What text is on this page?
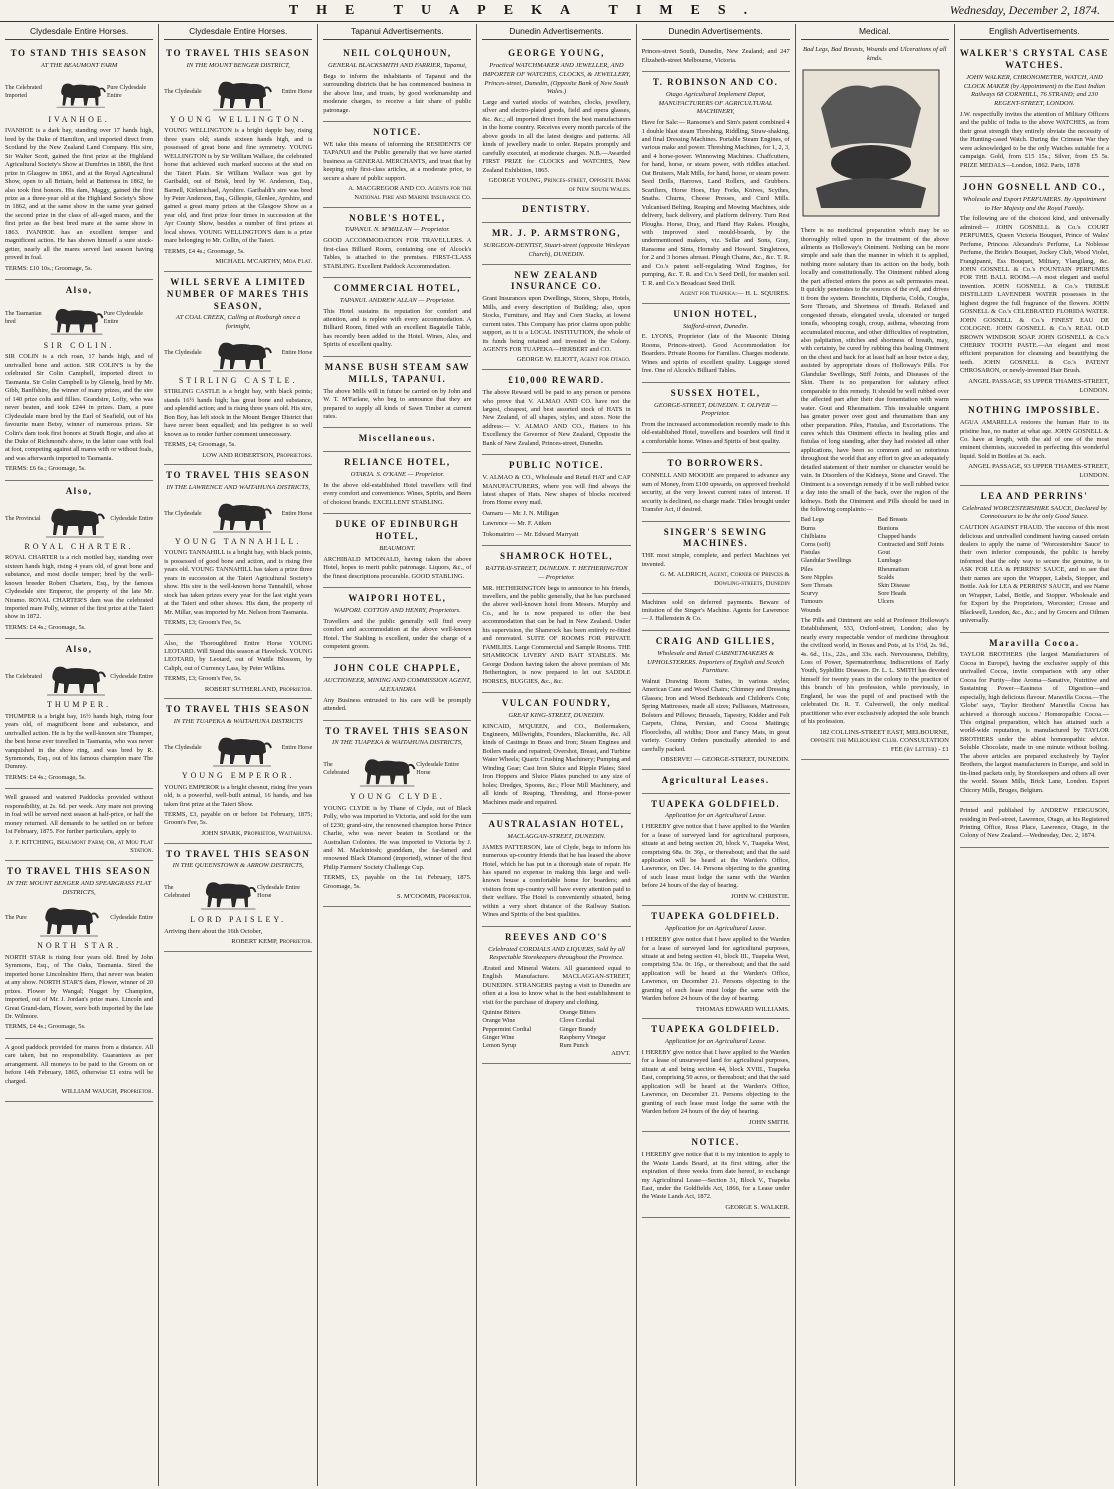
THE TUAPEKA TIMES.	Wednesday, December 2, 1874.
Clydesdale Entire Horses.
TO STAND THIS SEASON
AT THE BEAUMONT FARM
The Celebrated Imported
Pure Clydesdale Entire
IVANHOE.
IVANHOE is a dark bay, standing over 17 hands high, bred by the Duke of Hamilton, and imported direct from Scotland by the New Zealand Land Company. His sire, Sir Walter Scott, gained the first prize at the Highland Agricultural Society's Show at Dumfries in 1860, the first prize in Glasgow in 1861, and at the Royal Agricultural Show, open to all Britain, held at Battersea in 1862, he also took first honors. His dam, Maggy, gained the first prize as a three-year old at the Highland Society's Show in 1862, and at the same show in the same year gained the second prize in the class of all-aged mares, and the first prize as the best bred mare at the same show in 1863. IVANHOE has an excellent temper and magnificent action. He has shown himself a sure stock-getter, nearly all the mares served last season having proved in foal.
TERMS: £10 10s.; Groomage, 5s.
Also,
The Tasmanian bred
Pure Clydesdale Entire
SIR COLIN.
SIR COLIN is a rich roan, 17 hands high, and of unrivalled bone and action. SIR COLIN'S is by the celebrated Sir Colin Campbell, imported direct to Tasmania. Sir Colin Campbell is by Glenelg, bred by Mr. Gibb, Banffshire, the winner of many prizes, and the sire of 140 prize colts and fillies. Grandsire, Lofty, who was never beaten, and took £244 in prizes. Dam, a pure Clydesdale mare bred by the Earl of Seafield, out of his favourite mare Betsy, winner of numerous prizes. Sir Colin's dam took first honors at Strath Bogie, and also at the Duke of Richmond's show, in the latter case with foal at foot, competing against all mares with or without foals, and was afterwards imported to Tasmania.
TERMS: £6 6s.; Groomage, 5s.
Also,
The Provincial	Clydesdale Entire
ROYAL CHARTER.
ROYAL CHARTER is a rich mottled bay, standing over sixteen hands high, rising 4 years old, of great bone and substance, and most docile temper; bred by the well-known breeder Robert Charters, Esq., by the famous Clydesdale sire Emperor, the property of the late Mr. Niramo. ROYAL CHARTER'S dam was the celebrated imported mare Polly, winner of the first prize at the Taieri show in 1872.
TERMS: £4 4s.; Groomage, 5s.
Also,
The Celebrated	Clydesdale Entire
THUMPER.
THUMPER is a bright bay, 16½ hands high, rising four years old, of magnificent bone and substance, and unrivalled action. He is by the well-known sire Thumper, the best horse ever travelled in Tasmania, who was never vanquished in the show ring, and was bred by R. Symmonds, Esq., out of his famous champion mare The Dummy.
TERMS: £4 4s.; Groomage, 5s.
Well grassed and watered Paddocks provided without responsibility, at 2s. 6d. per week. Any mare not proving in foal will be served next season at half-price, or half the money returned. All demands to be settled on or before 1st February, 1875. For further particulars, apply to
J. F. KITCHING, Beaumont Farm; Or, at Mou Flat Station.
TO TRAVEL THIS SEASON
IN THE MOUNT BENGER AND SPEARGRASS FLAT DISTRICTS,
The Pure	Clydesdale Entire
NORTH STAR.
NORTH STAR is rising four years old. Bred by John Symmons, Esq., of The Oaks, Tasmania. Sired the imported horse Lincolnshire Hero, that never was beaten at any show. NORTH STAR'S dam, Flower, winner of 20 prizes. Flower by Wangal; Nugget by Champion, imported, out of Mr. J. Jordan's prize mare. Lincoln and Great Grand-dam, Flower, were both imported by the late Dr. Wilmore.
TERMS, £4 4s.; Groomage, 5s.
A good paddock provided for mares from a distance. All care taken, but no responsibility. Guarantees as per arrangement. All moneys to be paid to the Groom on or before 14th February, 1865, otherwise £1 extra will be charged.
WILLIAM WAUGH, Proprietor.
Clydesdale Entire Horses.
TO TRAVEL THIS SEASON
IN THE MOUNT BENGER DISTRICT,
The Clydesdale	Entire Horse
YOUNG WELLINGTON.
YOUNG WELLINGTON is a bright dapple bay, rising three years old; stands sixteen hands high, and is possessed of great bone and fine symmetry. YOUNG WELLINGTON is by Sir William Wallace, the celebrated horse that achieved such marked success at the stud on the Taieri Plain. Sir William Wallace was got by Garibaldi, out of Brisk, bred by W. Anderson, Esq., Barnell, Kirkmichael, Ayrshire. Garibaldi's sire was bred by Peter Anderson, Esq., Gillespie, Glenlee, Ayrshire, and gained a great many prizes at the Glasgow Show as a year old, and first prize four times in succession at the Ayr County Show, besides a number of first prizes at local shows. YOUNG WELLINGTON'S dam is a prize mare belonging to Mr. Collin, of the Taieri.
TERMS, £4 4s.; Groomage, 5s.
MICHAEL M'CARTHY, Moa Flat.
WILL SERVE A LIMITED NUMBER OF MARES THIS SEASON,
AT COAL CREEK, Calling at Roxburgh once a fortnight,
The Clydesdale	Entire Horse
STIRLING CASTLE.
STIRLING CASTLE is a bright bay, with black points; stands 16½ hands high; has great bone and substance, and splendid action; and is rising three years old. His sire, Bon Boy, has left stock in the Mount Benger District that have never been equalled; and his pedigree is so well known as to render further comment unnecessary.
TERMS, £4; Groomage, 5s.
LOW AND ROBERTSON, Proprietors.
TO TRAVEL THIS SEASON
IN THE LAWRENCE AND WAITAHUNA DISTRICTS,
The Clydesdale	Entire Horse
YOUNG TANNAHILL.
YOUNG TANNAHILL is a bright bay, with black points, is possessed of good bone and action, and is rising five years old. YOUNG TANNAHILL has taken a prize three years in succession at the Taieri Agricultural Society's show. His sire is the well-known horse Tannahill, whose stock has taken prizes every year for the last eight years at the Taieri and other shows. His dam, the property of Mr. Millar, was imported by Mr. Nelson from Tasmania.
TERMS, £3; Groom's Fee, 5s.
Also, the Thoroughbred Entire Horse YOUNG LEOTARD. Will Stand this season at Havelock. YOUNG LEOTARD, by Leotard, out of Wattle Blossom, by Caliph, out of Currency Lass, by Peter Wilkins.
TERMS, £3; Groom's Fee, 5s.
ROBERT SUTHERLAND, Proprietor.
TO TRAVEL THIS SEASON
IN THE TUAPEKA & WAITAHUNA DISTRICTS
The Clydesdale	Entire Horse
YOUNG EMPEROR.
YOUNG EMPEROR is a bright chesnut, rising five years old, is a powerful, well-built animal, 16 hands, and has taken first prize at the Taieri Show.
TERMS, £3, payable on or before 1st February, 1875; Groom's Fee, 5s.
JOHN SPARK, Proprietor, Waitahuna.
TO TRAVEL THIS SEASON
IN THE QUEENSTOWN & ARROW DISTRICTS,
The Celebrated
Clydesdale Entire Horse
LORD PAISLEY.
Arriving there about the 16th October,
ROBERT KEMP, Proprietor.
Tapanui Advertisements.
NEIL COLQUHOUN,
GENERAL BLACKSMITH AND FARRIER, Tapanui,
Begs to inform the inhabitants of Tapanui and the surrounding districts that he has commenced business in the above line, and trusts, by good workmanship and moderate charges, to receive a fair share of public patronage.
NOTICE.
WE take this means of informing the RESIDENTS OF TAPANUI and the Public generally that we have started business as GENERAL MERCHANTS, and trust that by keeping only first-class articles, at a moderate price, to secure a share of public support.
A. MACGREGOR AND CO. Agents for the National Fire and Marine Insurance Co.
NOBLE'S HOTEL,
TAPANUI. N. M'MILLAN — Proprietor.
GOOD ACCOMMODATION FOR TRAVELLERS. A first-class Billiard Room, containing one of Alcock's Tables, is attached to the premises. FIRST-CLASS STABLING. Excellent Paddock Accommodation.
COMMERCIAL HOTEL,
TAPANUI. ANDREW ALLAN — Proprietor.
This Hotel sustains its reputation for comfort and attention, and is replete with every accommodation. A Billiard Room, fitted with an excellent Bagatelle Table, has recently been added to the Hotel. Wines, Ales, and Spirits of excellent quality.
MANSE BUSH STEAM SAW MILLS, TAPANUI.
The above Mills will in future be carried on by John and W. T. M'Farlane, who beg to announce that they are prepared to supply all kinds of Sawn Timber at current rates.
Miscellaneous.
RELIANCE HOTEL,
OTAKIA. S. O'KANE — Proprietor.
In the above old-established Hotel travellers will find every comfort and convenience. Wines, Spirits, and Beers of choicest brands. EXCELLENT STABLING.
DUKE OF EDINBURGH HOTEL,
BEAUMONT.
ARCHIBALD M'DONALD, having taken the above Hotel, hopes to merit public patronage. Liquors, &c., of the finest descriptions procurable. GOOD STABLING.
WAIPORI HOTEL,
WAIPORI. COTTON AND HENRY, Proprietors.
Travellers and the public generally will find every comfort and accommodation at the above well-known Hotel. The Stabling is excellent, under the charge of a competent groom.
JOHN COLE CHAPPLE,
AUCTIONEER, MINING AND COMMISSION AGENT, ALEXANDRA
Any Business entrusted to his care will be promptly attended.
TO TRAVEL THIS SEASON
IN THE TUAPEKA & WAITAHUNA DISTRICTS,
The Celebrated
Clydesdale Entire Horse
YOUNG CLYDE.
YOUNG CLYDE is by Thane of Clyde, out of Black Polly, who was imported to Victoria, and sold for the sum of £230; grand-sire, the renowned champion horse Prince Charlie, who was never beaten in Scotland or the Australian Colonies. He was imported to Victoria by J. and M. Mackintosh; granddam, the far-famed and renowned Black Diamond (imported), winner of the first Philip Farmers' Society Challenge Cup.
TERMS, £3, payable on the 1st February, 1875. Groomage, 5s.
S. M'COOMB, Proprietor.
Dunedin Advertisements.
GEORGE YOUNG,
Practical WATCHMAKER AND JEWELLER, AND IMPORTER OF WATCHES, CLOCKS, & JEWELLERY, Princes-street, Dunedin, (Opposite Bank of New South Wales.)
Large and varied stocks of watches, clocks, jewellery, silver and electro-plated goods, field and opera glasses, &c. &c.; all imported direct from the best manufacturers in the home country. Receives every month parcels of the above goods in all the latest designs and patterns. All kinds of jewellery made to order. Repairs promptly and carefully executed, at moderate charges. N.B.—Awarded FIRST PRIZE for CLOCKS and WATCHES, New Zealand Exhibition, 1865.
GEORGE YOUNG, Princes-street, Opposite Bank of New South Wales.
DENTISTRY.
MR. J. P. ARMSTRONG,
SURGEON-DENTIST, Stuart-street (opposite Wesleyan Church), DUNEDIN.
NEW ZEALAND INSURANCE CO.
Grant Insurances upon Dwellings, Stores, Shops, Hotels, Mills, and every description of Building; also, upon Stocks, Furniture, and Hay and Corn Stacks, at lowest current rates. This Company has prior claims upon public support, as it is a LOCAL INSTITUTION, the whole of its funds being retained and invested in the Colony. AGENTS FOR TUAPEKA—HERBERT and CO.
GEORGE W. ELIOTT, Agent for Otago.
£10,000 REWARD.
The above Reward will be paid to any person or persons who prove that V. ALMAO AND CO. have not the largest, cheapest, and best assorted stock of HATS in New Zealand, of all shapes, styles, and sizes. Note the address:— V. ALMAO AND CO., Hatters to his Excellency the Governor of New Zealand, Opposite the Bank of New Zealand, Princes-street, Dunedin.
PUBLIC NOTICE.
V. ALMAO & CO., Wholesale and Retail HAT and CAP MANUFACTURERS, where you will find always the latest shapes of Hats. New shapes of blocks received from Home every mail.
Oamaru — Mr. J. N. Milligan
Lawrence — Mr. F. Aitken
Tokomairiro — Mr. Edward Marryatt
SHAMROCK HOTEL,
RATTRAY-STREET, DUNEDIN. T. HETHERINGTON — Proprietor.
MR. HETHERINGTON begs to announce to his friends, travellers, and the public generally, that he has purchased the above well-known hotel from Messrs. Murphy and Co., and he is now prepared to offer the best accommodation that can be had in New Zealand. Under his supervision, the Shamrock has been entirely re-fitted and renovated. SUITE OF ROOMS FOR PRIVATE FAMILIES. Large Commercial and Sample Rooms. THE SHAMROCK LIVERY AND BAIT STABLES. Mr. George Dodson having taken the above premises of Mr. Hetherington, is now prepared to let out SADDLE HORSES, BUGGIES, &c., &c.
VULCAN FOUNDRY,
GREAT KING-STREET, DUNEDIN.
KINCAID, M'QUEEN, and CO., Boilermakers, Engineers, Millwrights, Founders, Blacksmiths, &c. All kinds of Castings in Brass and Iron; Steam Engines and Boilers made and repaired; Overshot, Breast, and Turbine Water Wheels; Quartz Crushing Machinery; Pumping and Winding Gear; Cast Iron Sluice and Ripple Plates; Steel Iron Hoppers and Sluice Plates punched to any size of holes; Dredges, Spoons, &c.; Flour Mill Machinery, and all kinds of Reaping, Threshing, and Horse-power Machines made and repaired.
AUSTRALASIAN HOTEL,
MACLAGGAN-STREET, DUNEDIN.
JAMES PATTERSON, late of Clyde, begs to inform his numerous up-country friends that he has leased the above Hotel, which he has put in a thorough state of repair. He has spared no expense in making this large and well-known house a comfortable home for boarders; and visitors from up-country will have every attention paid to their welfare. The Hotel is conveniently situated, being within a very short distance of the Railway Station. Wines and Spirits of the best qualities.
REEVES AND CO'S
Celebrated CORDIALS AND LIQUERS, Sold by all Respectable Storekeepers throughout the Province.
Ærated and Mineral Waters. All guaranteed equal to English Manufacture. MACLAGGAN-STREET, DUNEDIN. STRANGERS paying a visit to Dunedin are often at a loss to know what is the best establishment to visit for the purchase of drapery and clothing.
Quinine Bitters	Orange Bitters
Orange Wine	Clove Cordial
Peppermint Cordial	Ginger Brandy
Ginger Wine	Raspberry Vinegar
Lemon Syrup	Rum Punch
ADVT.
Dunedin Advertisements.
Princes-street South, Dunedin, New Zealand; and 247 Elizabeth-street Melbourne, Victoria.
T. ROBINSON AND CO.
Otago Agricultural Implement Depot, MANUFACTURERS OF AGRICULTURAL MACHINERY,
Have for Sale:— Ransome's and Sim's patent combined 4 1 double blast steam Threshing, Riddling, Straw-shaking, and final Dressing Machines. Portable Steam Engines, of various make and power. Threshing Machines, for 1, 2, 3, and 4 horse-power. Winnowing Machines. Chaffcutters, for hand, horse, or steam power, with riddles attached. Oat Bruisers, Malt Mills, for hand, horse, or steam power. Seed Drills, Harrows, Land Rollers, and Grubbers. Scarifiers, Horse Hoes, Hay Forks, Knives, Scythes, Snaths. Churns, Cheese Presses, and Curd Mills. Vulcanised Belting. Reaping and Mowing Machines, side delivery, back delivery, and platform delivery. Turn Rest Ploughs. Horse, Dray, and Hand Hay Rakes. Ploughs, with improved steel mould-boards, by the undermentioned makers, viz. Sellar and Sons, Gray, Ransome and Sims, Hornsby and Howard. Singletrees, for 2 and 3 horses abreast. Plough Chains, &c., &c. T. R. and Co.'s patent self-regulating Wind Engines, for pumping, &c. T. R. and Co.'s Seed Drill, for maiden soil. T. R. and Co.'s Broadcast Seed Drill.
Agent for Tuapeka:— H. L. SQUIRES.
UNION HOTEL,
Stafford-street, Dunedin.
E. LYONS, Proprietor (late of the Masonic Dining Rooms, Princes-street). Good Accommodation for Boarders. Private Rooms for Families. Charges moderate. Wines and spirits of excellent quality. Luggage stored free. One of Alcock's Billiard Tables.
SUSSEX HOTEL,
GEORGE-STREET, DUNEDIN. T. OLIVER — Proprietor.
From the increased accommodation recently made to this old-established Hotel, travellers and boarders will find it a comfortable home. Wines and Spirits of best quality.
TO BORROWERS.
CONNELL AND MOODIE are prepared to advance any sum of Money, from £100 upwards, on approved freehold security, at the very lowest current rates of interest. If security is declined, no charge made. Titles brought under Transfer Act, if desired.
SINGER'S SEWING MACHINES.
THE most simple, complete, and perfect Machines yet invented.
G. M. ALDRICH, Agent, Corner of Princes & Dowling-streets, Dunedin
Machines sold on deferred payments. Beware of imitation of the Singer's Machine. Agents for Lawrence:— J. Hallenstein & Co.
CRAIG AND GILLIES,
Wholesale and Retail CABINETMAKERS & UPHOLSTERERS. Importers of English and Scotch Furniture.
Walnut Drawing Room Suites, in various styles; American Cane and Wood Chairs; Chimney and Dressing Glasses; Iron and Wood Bedsteads and Children's Cots; Spring Mattresses, made all sizes; Palliasses, Mattresses, Bolsters and Pillows; Brussels, Tapestry, Kidder and Felt Carpets, China, Persian, and Cocoa Mattings; Floorcloths, all widths; Door and Fancy Mats, in great variety. Country Orders punctually attended to and carefully packed.
OBSERVE! — GEORGE-STREET, DUNEDIN.
Agricultural Leases.
TUAPEKA GOLDFIELD.
Application for an Agricultural Lease.
I HEREBY give notice that I have applied to the Warden for a lease of surveyed land for agricultural purposes, situate at and being section 20, block V., Tuapeka West, comprising 68a. 0r. 36p., or thereabout; and that the said application will be heard at the Warden's Office, Lawrence, on Dec. 14. Persons objecting to the granting of such lease must lodge the same with the Warden before 24 hours of the day of hearing.
JOHN W. CHRISTIE.
TUAPEKA GOLDFIELD.
Application for an Agricultural Lease.
I HEREBY give notice that I have applied to the Warden for a lease of surveyed land for agricultural purposes, situate at and being section 41, block III., Tuapeka West, comprising 53a. 0r. 16p., or thereabout; and that the said application will be heard at the Warden's Office, Lawrence, on December 21. Persons objecting to the granting of such lease must lodge the same with the Warden before 24 hours of the day of hearing.
THOMAS EDWARD WILLIAMS.
TUAPEKA GOLDFIELD.
Application for an Agricultural Lease.
I HEREBY give notice that I have applied to the Warden for a lease of unsurveyed land for agricultural purposes, situate at and being section 44, block XVIII., Tuapeka East, comprising 50 acres, or thereabout; and that the said application will be heard at the Warden's Office, Lawrence, on December 21. Persons objecting to the granting of such lease must lodge the same with the Warden before 24 hours of the day of hearing.
JOHN SMITH.
NOTICE.
I HEREBY give notice that it is my intention to apply to the Waste Lands Board, at its first sitting, after the expiration of three weeks from date hereof, to exchange my Agricultural Lease—Section 31, Block V., Tuapeka East, under the Goldfields Act, 1866, for a Lease under the Waste Lands Act, 1872.
GEORGE S. WALKER.
Medical.
Bad Legs, Bad Breasts, Wounds and Ulcerations of all kinds.
There is no medicinal preparation which may be so thoroughly relied upon in the treatment of the above ailments as Holloway's Ointment. Nothing can be more simple and safe than the manner in which it is applied, nothing more salutary than its action on the body, both locally and constitutionally. The Ointment rubbed along the part affected enters the pores as salt permeates meat. It quickly penetrates to the sources of the evil, and drives it from the system. Bronchitis, Diptheria, Colds, Coughs, Sore Throats, and Shortness of Breath. Relaxed and congested throats, elongated uvula, ulcerated or turged tonsils, whooping cough, croup, asthma, wheezing from accumulated mucous, and other difficulties of respiration, also palpitation, stitches and shortness of breath, may, with certainty, be cured by rubbing this healing Ointment on the chest and back for at least half an hour twice a day, assisted by appropriate doses of Holloway's Pills. For Glandular Swellings, Stiff Joints, and Diseases of the Skin. There is no preparation for salutary effect comparable to this remedy. It should be well rubbed over the affected part after their due fomentation with warm water. Gout and Rheumatism. This invaluable unguent has greater power over gout and rheumatism than any other preparation. Piles, Fistulas, and Excoriations. The cures which this Ointment effects in healing piles and fistulas of long standing, after they had resisted all other applications, have been so common and so notorious throughout the world that any effort to give an adequately detailed statement of their number or character would be vain. In Disorders of the Kidneys, Stone and Gravel. The Ointment is a sovereign remedy if it be well rubbed twice a day into the small of the back, over the region of the kidneys. Both the Ointment and Pills should be used in the following complaints:—
Bad Legs	Bad Breasts
Burns	Bunions
Chilblains	Chapped hands
Corns (soft)	Contracted and Stiff Joints
Fistulas	Gout
Glandular Swellings	Lumbago
Piles	Rheumatism
Sore Nipples	Scalds
Sore Throats	Skin Disease
Scurvy	Sore Heads
Tumours	Ulcers
Wounds
The Pills and Ointment are sold at Professor Holloway's Establishment, 533, Oxford-street, London; also by nearly every respectable vendor of medicine throughout the civilized world, in Boxes and Pots, at 1s 1½d, 2s. 9d., 4s. 6d., 11s., 22s., and 33s. each. Nervousness, Debility, Loss of Power, Spermatorrhœa; Indiscretions of Early Youth, Syphilitic Diseases. Dr. L. L. SMITH has devoted himself for twenty years in the colony to the practice of this branch of his profession, while previously, in England, he was the pupil of and practised with the celebrated Dr. R. T. Culverwell, the only medical practitioner who ever exclusively adopted the sole branch of his profession.
182 COLLINS-STREET EAST, MELBOURNE, Opposite the Melbourne Club. CONSULTATION FEE (by Letter) - £1
English Advertisements.
WALKER'S CRYSTAL CASE WATCHES.
JOHN WALKER, CHRONOMETER, WATCH, AND CLOCK MAKER (by Appointment) to the East Indian Railways 68 CORNHILL, 76 STRAND; and 230 REGENT-STREET, LONDON.
J.W. respectfully invites the attention of Military Officers and the public of India to the above WATCHES, as from their great strength they entirely obviate the necessity of the Hunting-cased Watch. During the Crimean War they were acknowledged to be the only Watches suitable for a campaign. Gold, from £15 15s.; Silver, from £5 5s. PRIZE MEDALS—London, 1862. Paris, 1878
JOHN GOSNELL AND CO.,
Wholesale and Export PERFUMERS. By Appointment to Her Majesty and the Royal Family.
The following are of the choicest kind, and universally admired:— JOHN GOSNELL & Co.'s COURT PERFUMES, Queen Victoria Bouquet, Prince of Wales' Perfume, Princess Alexandra's Perfume, La Noblesse Perfume, the Bride's Bouquet, Jockey Club, Wood Violet, Frangipanni, Ess Bouquet, Military, Ylangilang, &c. JOHN GOSNELL & Co.'s FOUNTAIN PERFUMES FOR THE BALL ROOM.—A most elegant and useful invention. JOHN GOSNELL & Co.'s TREBLE DISTILLED LAVENDER WATER possesses in the highest degree the full fragrance of the flowers. JOHN GOSNELL & Co.'s CELEBRATED FLORIDA WATER. JOHN GOSNELL & Co.'s FINEST EAU DE COLOGNE. JOHN GOSNELL & Co.'s REAL OLD BROWN WINDSOR SOAP. JOHN GOSNELL & Co.'s CHERRY TOOTH PASTE.—An elegant and most efficient preparation for cleansing and beautifying the teeth. JOHN GOSNELL & Co.'s PATENT CHROSARON, or newly-invented Hair Brush.
ANGEL PASSAGE, 93 UPPER THAMES-STREET, LONDON.
NOTHING IMPOSSIBLE.
AGUA AMARELLA restores the human Hair to its pristine hue, no matter at what age. JOHN GOSNELL & Co. have at length, with the aid of one of the most eminent chemists, succeeded in perfecting this wonderful liquid. Sold in Bottles at 3s. each.
ANGEL PASSAGE, 93 UPPER THAMES-STREET, LONDON.
LEA AND PERRINS'
Celebrated WORCESTERSHIRE SAUCE, Declared by Connoisseurs to be the only Good Sauce.
CAUTION AGAINST FRAUD. The success of this most delicious and unrivalled condiment having caused certain dealers to apply the name of 'Worcestershire Sauce' to their own inferior compounds, the public is hereby informed that the only way to secure the genuine, is to ASK FOR LEA & PERRINS' SAUCE, and to see that their names are upon the Wrapper, Labels, Stopper, and Bottle. Ask for LEA & PERRINS' SAUCE, and see Name on Wrapper, Label, Bottle, and Stopper. Wholesale and for Export by the Proprietors, Worcester; Crosse and Blackwell, London, &c., &c.; and by Grocers and Oilmen universally.
Maravilla Cocoa.
TAYLOR BROTHERS (the largest Manufacturers of Cocoa in Europe), having the exclusive supply of this unrivalled Cocoa, invite comparison with any other Cocoa for Purity—fine Aroma—Sanative, Nutritive and Sustaining Power—Easiness of Digestion—and especially, high delicious flavour. Maravilla Cocoa.—The 'Globe' says, 'Taylor Brothers' Maravilla Cocoa has achieved a thorough success.' Homœopathic Cocoa.—This original preparation, which has attained such a world-wide reputation, is manufactured by TAYLOR BROTHERS under the ablest homœopathic advice. Soluble Chocolate, made in one minute without boiling. The above articles are prepared exclusively by Taylor Brothers, the largest manufacturers in Europe, and sold in tin-lined packets only, by Storekeepers and others all over the world. Steam Mills, Brick Lane, London. Export Chicory Mills, Bruges, Belgium.
Printed and published by ANDREW FERGUSON, residing in Peel-street, Lawrence, Otago, at his Registered Printing Office, Ross Place, Lawrence, Otago, in the Colony of New Zealand.—Wednesday, Dec. 2, 1874.
